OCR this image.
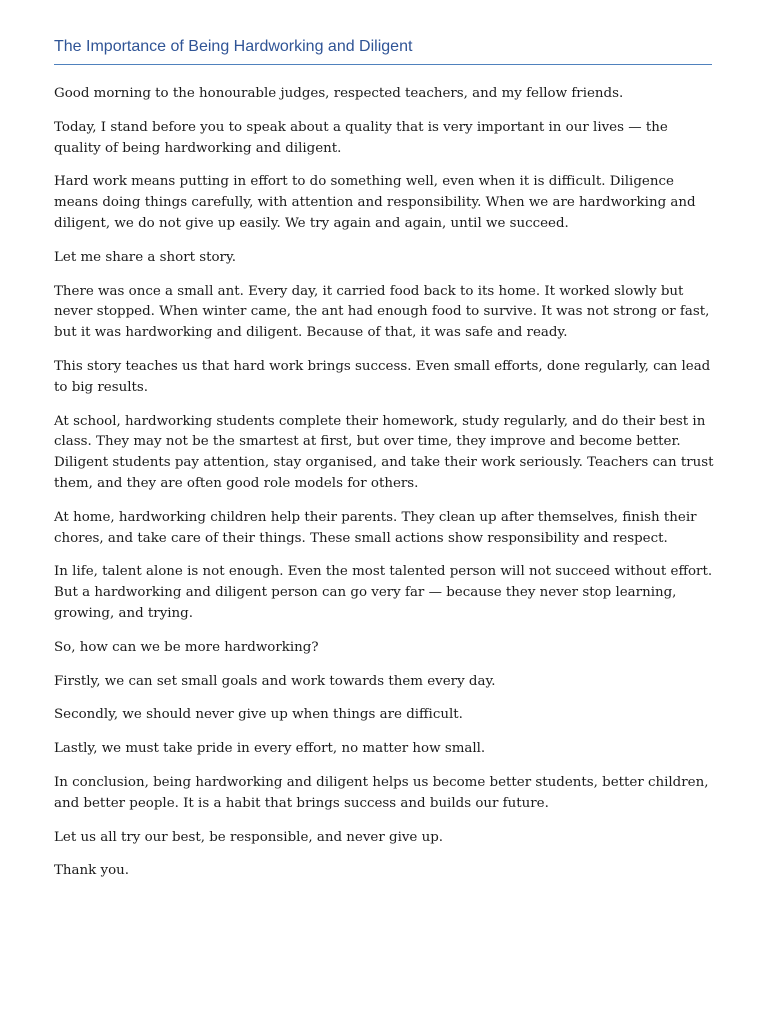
The Importance of Being Hardworking and Diligent

Good morning to the honourable judges, respected teachers, and my fellow friends.

Today, I stand before you to speak about a quality that is very important in our lives — the quality of being hardworking and diligent.

Hard work means putting in effort to do something well, even when it is difficult. Diligence means doing things carefully, with attention and responsibility. When we are hardworking and diligent, we do not give up easily. We try again and again, until we succeed.

Let me share a short story.

There was once a small ant. Every day, it carried food back to its home. It worked slowly but never stopped. When winter came, the ant had enough food to survive. It was not strong or fast, but it was hardworking and diligent. Because of that, it was safe and ready.

This story teaches us that hard work brings success. Even small efforts, done regularly, can lead to big results.

At school, hardworking students complete their homework, study regularly, and do their best in class. They may not be the smartest at first, but over time, they improve and become better. Diligent students pay attention, stay organised, and take their work seriously. Teachers can trust them, and they are often good role models for others.

At home, hardworking children help their parents. They clean up after themselves, finish their chores, and take care of their things. These small actions show responsibility and respect.

In life, talent alone is not enough. Even the most talented person will not succeed without effort. But a hardworking and diligent person can go very far — because they never stop learning, growing, and trying.

So, how can we be more hardworking?

Firstly, we can set small goals and work towards them every day.

Secondly, we should never give up when things are difficult.

Lastly, we must take pride in every effort, no matter how small.

In conclusion, being hardworking and diligent helps us become better students, better children, and better people. It is a habit that brings success and builds our future.

Let us all try our best, be responsible, and never give up.

Thank you.
